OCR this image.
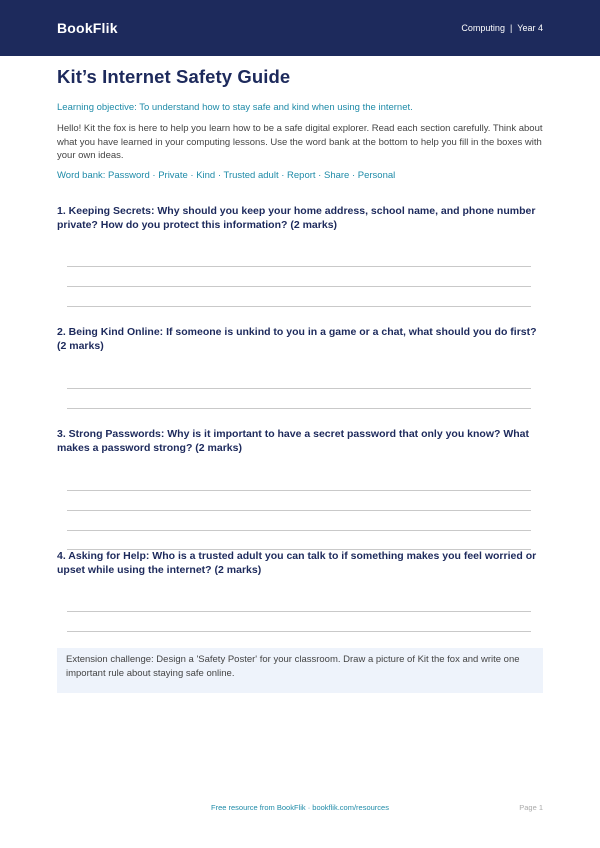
BookFlik	Computing | Year 4
Kit’s Internet Safety Guide
Learning objective: To understand how to stay safe and kind when using the internet.
Hello! Kit the fox is here to help you learn how to be a safe digital explorer. Read each section carefully. Think about what you have learned in your computing lessons. Use the word bank at the bottom to help you fill in the boxes with your own ideas.
Word bank: Password · Private · Kind · Trusted adult · Report · Share · Personal
1. Keeping Secrets: Why should you keep your home address, school name, and phone number private? How do you protect this information? (2 marks)
2. Being Kind Online: If someone is unkind to you in a game or a chat, what should you do first? (2 marks)
3. Strong Passwords: Why is it important to have a secret password that only you know? What makes a password strong? (2 marks)
4. Asking for Help: Who is a trusted adult you can talk to if something makes you feel worried or upset while using the internet? (2 marks)
Extension challenge: Design a 'Safety Poster' for your classroom. Draw a picture of Kit the fox and write one important rule about staying safe online.
Free resource from BookFlik · bookflik.com/resources	Page 1
